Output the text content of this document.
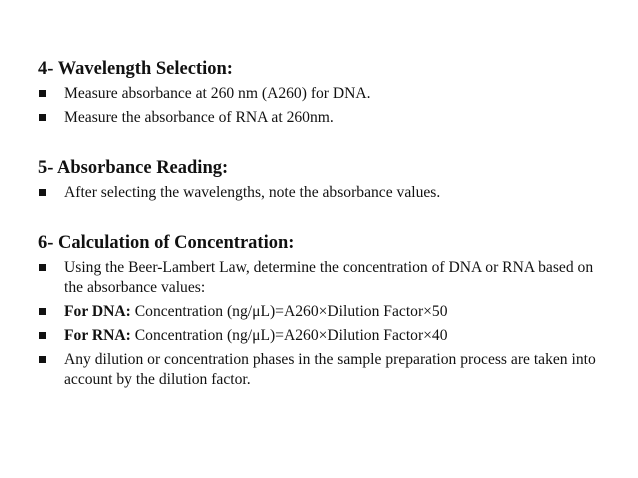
4- Wavelength Selection:
Measure absorbance at 260 nm (A260) for DNA.
Measure the absorbance of RNA at 260nm.
5- Absorbance Reading:
After selecting the wavelengths, note the absorbance values.
6- Calculation of Concentration:
Using the Beer-Lambert Law, determine the concentration of DNA or RNA based on the absorbance values:
For DNA: Concentration (ng/μL)=A260×Dilution Factor×50
For RNA: Concentration (ng/μL)=A260×Dilution Factor×40
Any dilution or concentration phases in the sample preparation process are taken into account by the dilution factor.
